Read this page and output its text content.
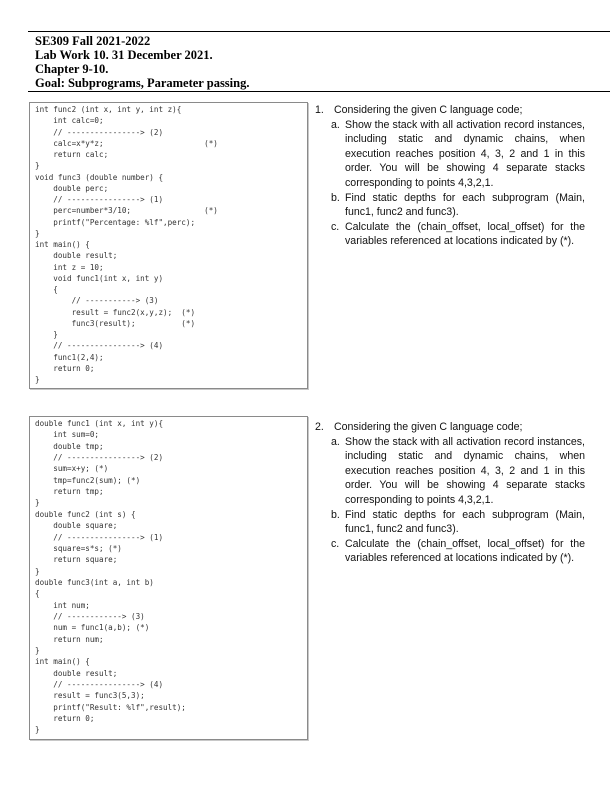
SE309 Fall 2021-2022
Lab Work 10. 31 December 2021.
Chapter 9-10.
Goal: Subprograms, Parameter passing.
int func2 (int x, int y, int z){
int calc=0;
// ----------------> (2)
calc=x*y*z;                      (*)
return calc;
}
void func3 (double number) {
double perc;
// ----------------> (1)
perc=number*3/10;                (*)
printf("Percentage: %lf",perc);
}
int main() {
double result;
int z = 10;
void func1(int x, int y)
{
// -----------> (3)
result = func2(x,y,z);  (*)
func3(result);          (*)
}
// ----------------> (4)
func1(2,4);
return 0;
}
1. Considering the given C language code;
a. Show the stack with all activation record instances, including static and dynamic chains, when execution reaches position 4, 3, 2 and 1 in this order. You will be showing 4 separate stacks corresponding to points 4,3,2,1.
b. Find static depths for each subprogram (Main, func1, func2 and func3).
c. Calculate the (chain_offset, local_offset) for the variables referenced at locations indicated by (*).
double func1 (int x, int y){
int sum=0;
double tmp;
// ----------------> (2)
sum=x+y; (*)
tmp=func2(sum); (*)
return tmp;
}
double func2 (int s) {
double square;
// ----------------> (1)
square=s*s; (*)
return square;
}
double func3(int a, int b)
{
int num;
// ------------> (3)
num = func1(a,b); (*)
return num;
}
int main() {
double result;
// ----------------> (4)
result = func3(5,3);
printf("Result: %lf",result);
return 0;
}
2. Considering the given C language code;
a. Show the stack with all activation record instances, including static and dynamic chains, when execution reaches position 4, 3, 2 and 1 in this order. You will be showing 4 separate stacks corresponding to points 4,3,2,1.
b. Find static depths for each subprogram (Main, func1, func2 and func3).
c. Calculate the (chain_offset, local_offset) for the variables referenced at locations indicated by (*).
